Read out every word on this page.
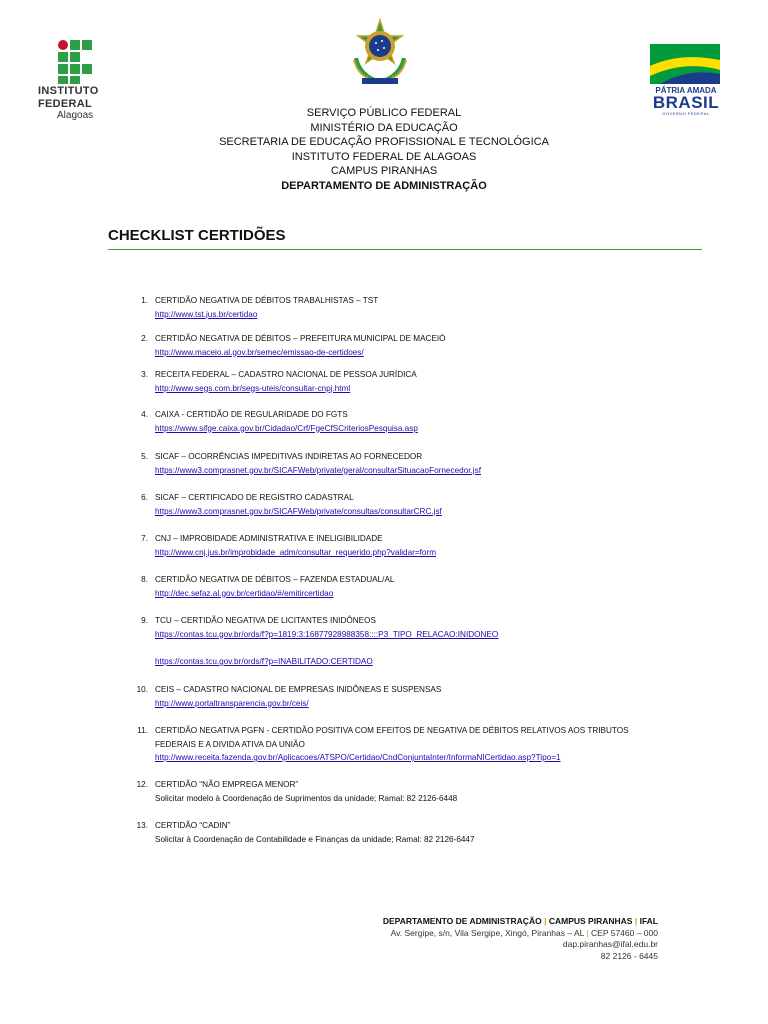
INSTITUTO
FEDERAL
Alagoas
PÁTRIA AMADA
BRASIL
GOVERNO FEDERAL
SERVIÇO PÚBLICO FEDERAL
MINISTÉRIO DA EDUCAÇÃO
SECRETARIA DE EDUCAÇÃO PROFISSIONAL E TECNOLÓGICA
INSTITUTO FEDERAL DE ALAGOAS
CAMPUS PIRANHAS
DEPARTAMENTO DE ADMINISTRAÇÃO
CHECKLIST CERTIDÕES
1. CERTIDÃO NEGATIVA DE DÉBITOS TRABALHISTAS – TST
http://www.tst.jus.br/certidao
2. CERTIDÃO NEGATIVA DE DÉBITOS – PREFEITURA MUNICIPAL DE MACEIÓ
http://www.maceio.al.gov.br/semec/emissao-de-certidoes/
3. RECEITA FEDERAL – CADASTRO NACIONAL DE PESSOA JURÍDICA
http://www.segs.com.br/segs-uteis/consultar-cnpj.html
4. CAIXA - CERTIDÃO DE REGULARIDADE DO FGTS
https://www.sifge.caixa.gov.br/Cidadao/Crf/FgeCfSCriteriosPesquisa.asp
5. SICAF – OCORRÊNCIAS IMPEDITIVAS INDIRETAS AO FORNECEDOR
https://www3.comprasnet.gov.br/SICAFWeb/private/geral/consultarSituacaoFornecedor.jsf
6. SICAF – CERTIFICADO DE REGISTRO CADASTRAL
https://www3.comprasnet.gov.br/SICAFWeb/private/consultas/consultarCRC.jsf
7. CNJ – IMPROBIDADE ADMINISTRATIVA E INELIGIBILIDADE
http://www.cnj.jus.br/improbidade_adm/consultar_requerido.php?validar=form
8. CERTIDÃO NEGATIVA DE DÉBITOS – FAZENDA ESTADUAL/AL
http://dec.sefaz.al.gov.br/certidao/#/emitircertidao
9. TCU – CERTIDÃO NEGATIVA DE LICITANTES INIDÔNEOS
https://contas.tcu.gov.br/ords/f?p=1819:3:16877928988358::::P3_TIPO_RELACAO:INIDONEO
https://contas.tcu.gov.br/ords/f?p=INABILITADO:CERTIDAO
10. CEIS – CADASTRO NACIONAL DE EMPRESAS INIDÔNEAS E SUSPENSAS
http://www.portaltransparencia.gov.br/ceis/
11. CERTIDÃO NEGATIVA PGFN - CERTIDÃO POSITIVA COM EFEITOS DE NEGATIVA DE DÉBITOS RELATIVOS AOS TRIBUTOS FEDERAIS E A DIVIDA ATIVA DA UNIÃO
http://www.receita.fazenda.gov.br/Aplicacoes/ATSPO/Certidao/CndConjuntaInter/InformaNICertidao.asp?Tipo=1
12. CERTIDÃO “NÃO EMPREGA MENOR”
Solicitar modelo à Coordenação de Suprimentos da unidade; Ramal: 82 2126-6448
13. CERTIDÃO “CADIN”
Solicitar à Coordenação de Contabilidade e Finanças da unidade; Ramal: 82 2126-6447
DEPARTAMENTO DE ADMINISTRAÇÃO | CAMPUS PIRANHAS | IFAL
Av. Sergipe, s/n, Vila Sergipe, Xingó, Piranhas – AL | CEP 57460 – 000
dap.piranhas@ifal.edu.br
82 2126 - 6445
